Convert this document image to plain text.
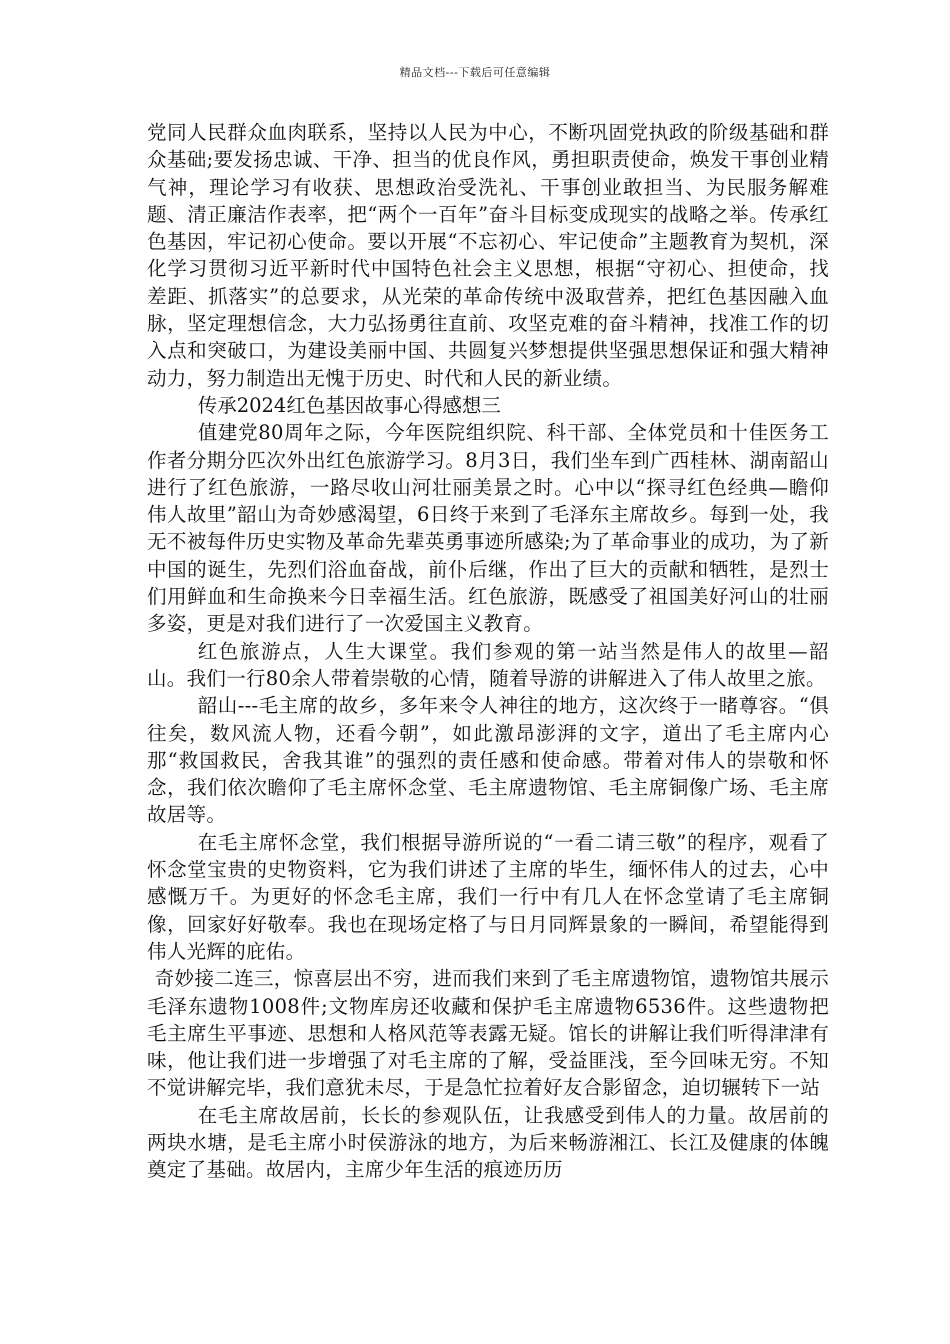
精品文档---下载后可任意编辑

党同人民群众血肉联系，坚持以人民为中心，不断巩固党执政的阶级基础和群众基础;要发扬忠诚、干净、担当的优良作风，勇担职责使命，焕发干事创业精气神，理论学习有收获、思想政治受洗礼、干事创业敢担当、为民服务解难题、清正廉洁作表率，把“两个一百年”奋斗目标变成现实的战略之举。传承红色基因，牢记初心使命。要以开展“不忘初心、牢记使命”主题教育为契机，深化学习贯彻习近平新时代中国特色社会主义思想，根据“守初心、担使命，找差距、抓落实”的总要求，从光荣的革命传统中汲取营养，把红色基因融入血脉，坚定理想信念，大力弘扬勇往直前、攻坚克难的奋斗精神，找准工作的切入点和突破口，为建设美丽中国、共圆复兴梦想提供坚强思想保证和强大精神动力，努力制造出无愧于历史、时代和人民的新业绩。

传承2024红色基因故事心得感想三

值建党80周年之际，今年医院组织院、科干部、全体党员和十佳医务工作者分期分匹次外出红色旅游学习。8月3日，我们坐车到广西桂林、湖南韶山进行了红色旅游，一路尽收山河壮丽美景之时。心中以“探寻红色经典—瞻仰伟人故里”韶山为奇妙感渴望，6日终于来到了毛泽东主席故乡。每到一处，我无不被每件历史实物及革命先辈英勇事迹所感染;为了革命事业的成功，为了新中国的诞生，先烈们浴血奋战，前仆后继，作出了巨大的贡献和牺牲，是烈士们用鲜血和生命换来今日幸福生活。红色旅游，既感受了祖国美好河山的壮丽多姿，更是对我们进行了一次爱国主义教育。

红色旅游点，人生大课堂。我们参观的第一站当然是伟人的故里—韶山。我们一行80余人带着崇敬的心情，随着导游的讲解进入了伟人故里之旅。

韶山---毛主席的故乡，多年来令人神往的地方，这次终于一睹尊容。“俱往矣，数风流人物，还看今朝”，如此激昂澎湃的文字，道出了毛主席内心那“救国救民，舍我其谁”的强烈的责任感和使命感。带着对伟人的崇敬和怀念，我们依次瞻仰了毛主席怀念堂、毛主席遗物馆、毛主席铜像广场、毛主席故居等。

在毛主席怀念堂，我们根据导游所说的“一看二请三敬”的程序，观看了怀念堂宝贵的史物资料，它为我们讲述了主席的毕生，缅怀伟人的过去，心中感慨万千。为更好的怀念毛主席，我们一行中有几人在怀念堂请了毛主席铜像，回家好好敬奉。我也在现场定格了与日月同辉景象的一瞬间，希望能得到伟人光辉的庇佑。

奇妙接二连三，惊喜层出不穷，进而我们来到了毛主席遗物馆，遗物馆共展示毛泽东遗物1008件;文物库房还收藏和保护毛主席遗物6536件。这些遗物把毛主席生平事迹、思想和人格风范等表露无疑。馆长的讲解让我们听得津津有味，他让我们进一步增强了对毛主席的了解，受益匪浅，至今回味无穷。不知不觉讲解完毕，我们意犹未尽，于是急忙拉着好友合影留念，迫切辗转下一站

在毛主席故居前，长长的参观队伍，让我感受到伟人的力量。故居前的两块水塘，是毛主席小时侯游泳的地方，为后来畅游湘江、长江及健康的体魄奠定了基础。故居内，主席少年生活的痕迹历历
